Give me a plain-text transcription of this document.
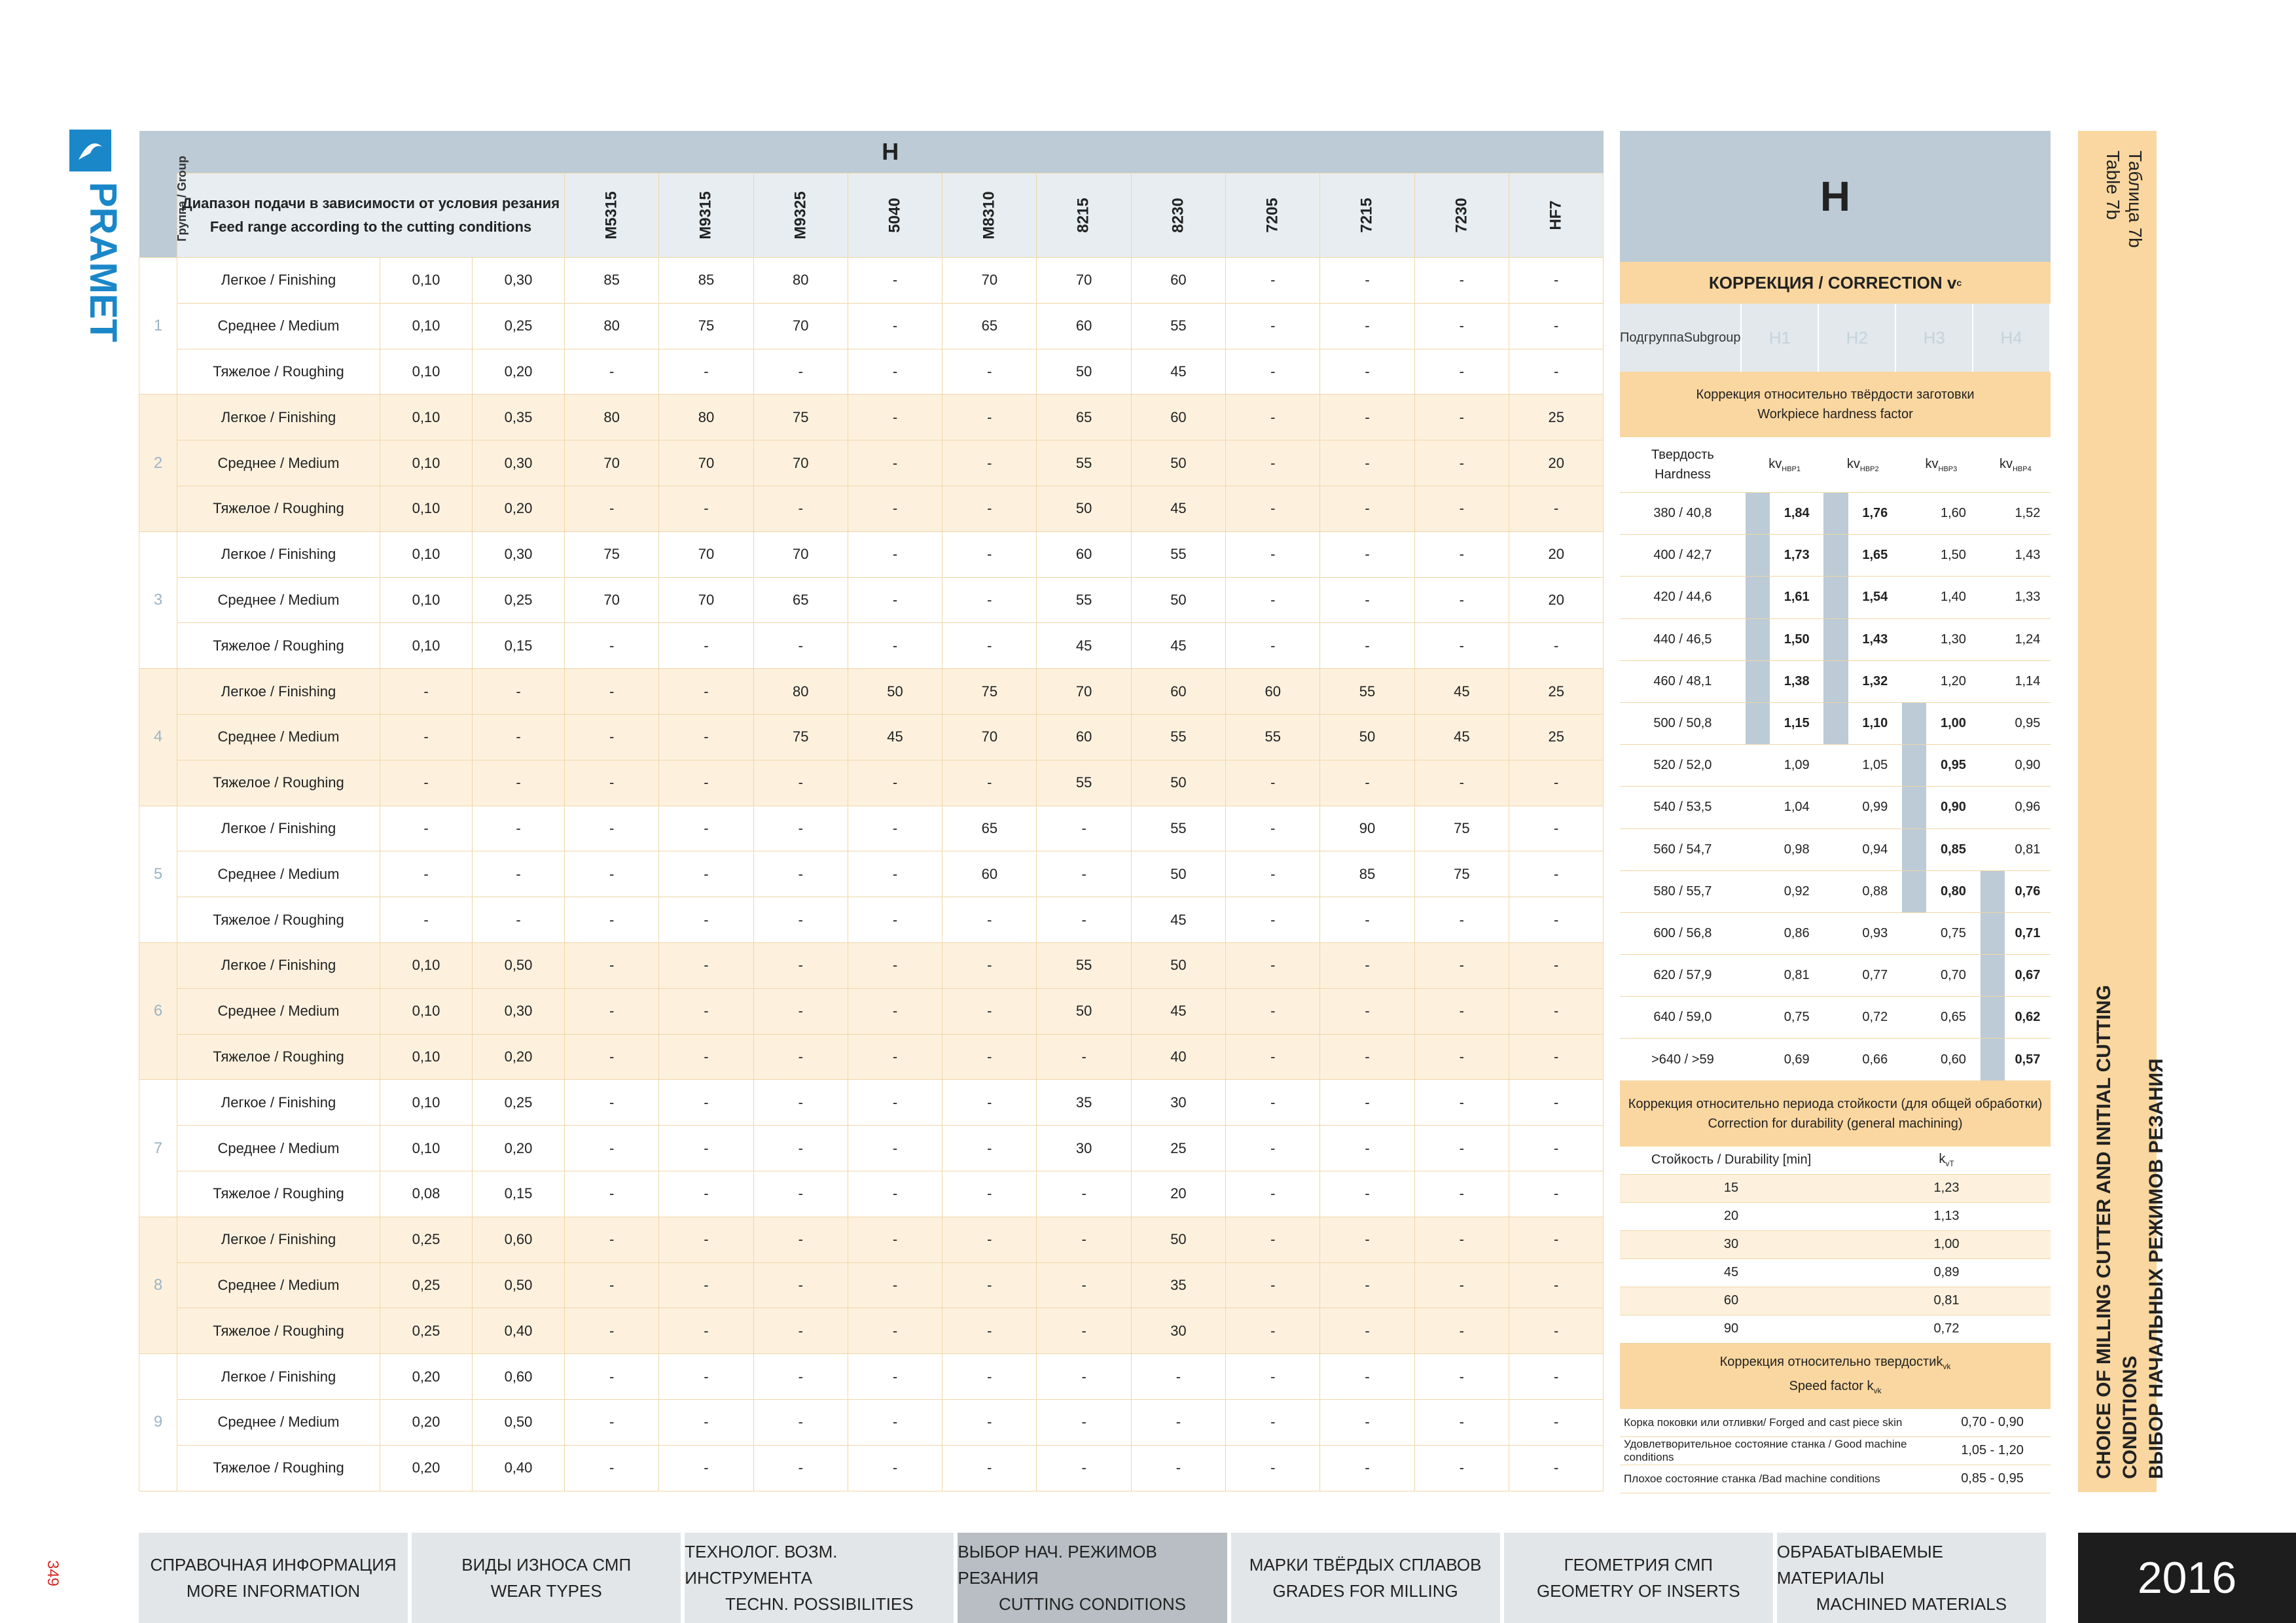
PRAMET	Группа / Group	H													

	Диапазон подачи в зависимости от условия резания
Feed range according to the cutting conditions			M5315	M9315	M9325	5040	M8310	8215	8230	7205	7215	7230	HF7
1	Легкое / Finishing	0,10	0,30	85	85	80	-	70	70	60	-	-	-	-
	Среднее / Medium	0,10	0,25	80	75	70	-	65	60	55	-	-	-	-
	Тяжелое / Roughing	0,10	0,20	-	-	-	-	-	50	45	-	-	-	-
2	Легкое / Finishing	0,10	0,35	80	80	75	-	-	65	60	-	-	-	25
	Среднее / Medium	0,10	0,30	70	70	70	-	-	55	50	-	-	-	20
	Тяжелое / Roughing	0,10	0,20	-	-	-	-	-	50	45	-	-	-	-
3	Легкое / Finishing	0,10	0,30	75	70	70	-	-	60	55	-	-	-	20
	Среднее / Medium	0,10	0,25	70	70	65	-	-	55	50	-	-	-	20
	Тяжелое / Roughing	0,10	0,15	-	-	-	-	-	45	45	-	-	-	-
4	Легкое / Finishing	-	-	-	-	80	50	75	70	60	60	55	45	25
	Среднее / Medium	-	-	-	-	75	45	70	60	55	55	50	45	25
	Тяжелое / Roughing	-	-	-	-	-	-	-	55	50	-	-	-	-
5	Легкое / Finishing	-	-	-	-	-	-	65	-	55	-	90	75	-
	Среднее / Medium	-	-	-	-	-	-	60	-	50	-	85	75	-
	Тяжелое / Roughing	-	-	-	-	-	-	-	-	45	-	-	-	-
6	Легкое / Finishing	0,10	0,50	-	-	-	-	-	55	50	-	-	-	-
	Среднее / Medium	0,10	0,30	-	-	-	-	-	50	45	-	-	-	-
	Тяжелое / Roughing	0,10	0,20	-	-	-	-	-	-	40	-	-	-	-
7	Легкое / Finishing	0,10	0,25	-	-	-	-	-	35	30	-	-	-	-
	Среднее / Medium	0,10	0,20	-	-	-	-	-	30	25	-	-	-	-
	Тяжелое / Roughing	0,08	0,15	-	-	-	-	-	-	20	-	-	-	-
8	Легкое / Finishing	0,25	0,60	-	-	-	-	-	-	50	-	-	-	-
	Среднее / Medium	0,25	0,50	-	-	-	-	-	-	35	-	-	-	-
	Тяжелое / Roughing	0,25	0,40	-	-	-	-	-	-	30	-	-	-	-
9	Легкое / Finishing	0,20	0,60	-	-	-	-	-	-	-	-	-	-	-
	Среднее / Medium	0,20	0,50	-	-	-	-	-	-	-	-	-	-	-
	Тяжелое / Roughing	0,20	0,40	-	-	-	-	-	-	-	-	-	-	-
H
КОРРЕКЦИЯ / CORRECTION v c
Подгруппа Subgroup	H1	H2	H3	H4
Коррекция относительно твёрдости заготовки
Workpiece hardness factor
Твердость
Hardness	$kv_{HBP1}$		$kv_{HBP2}$		$kv_{HBP3}$		$kv_{HBP4}$
380 / 40,8		1,84		1,76		1,60		1,52
400 / 42,7		1,73		1,65		1,50		1,43
420 / 44,6		1,61		1,54		1,40		1,33
440 / 46,5		1,50		1,43		1,30		1,24
460 / 48,1		1,38		1,32		1,20		1,14
500 / 50,8		1,15		1,10		1,00		0,95
520 / 52,0		1,09		1,05		0,95		0,90
540 / 53,5		1,04		0,99		0,90		0,96
560 / 54,7		0,98		0,94		0,85		0,81
580 / 55,7		0,92		0,88		0,80		0,76
600 / 56,8		0,86		0,93		0,75		0,71
620 / 57,9		0,81		0,77		0,70		0,67
640 / 59,0		0,75		0,72		0,65		0,62
>640 / >59		0,69		0,66		0,60		0,57
Коррекция относительно периода стойкости (для общей обработки)
Correction for durability (general machining)
Стойкость / Durability [min]	$k_{vT}$
15	1,23
20	1,13
30	1,00
45	0,89
60	0,81
90	0,72
Коррекция относительно твердостиk$_{vk}$
Speed factor $k_{vk}$
Корка поковки или отливки/ Forged and cast piece skin	0,70 - 0,90
Удовлетворительное состояние станка / Good machine conditions	1,05 - 1,20
Плохое состояние станка /Bad machine conditions	0,85 - 0,95
Таблица 7b
Table 7b
CHOICE OF MILLING CUTTER AND INITIAL CUTTING CONDITIONS ВЫБОР НАЧАЛЬНЫХ РЕЖИМОВ РЕЗАНИЯ
СПРАВОЧНАЯ ИНФОРМАЦИЯ
MORE INFORMATION
ВИДЫ ИЗНОСА СМП
WEAR TYPES
ТЕХНОЛОГ. ВОЗМ. ИНСТРУМЕНТА
TECHN. POSSIBILITIES
ВЫБОР НАЧ. РЕЖИМОВ РЕЗАНИЯ
CUTTING CONDITIONS
МАРКИ ТВЁРДЫХ СПЛАВОВ
GRADES FOR MILLING
ГЕОМЕТРИЯ СМП
GEOMETRY OF INSERTS
ОБРАБАТЫВАЕМЫЕ МАТЕРИАЛЫ
MACHINED MATERIALS
2016
349
